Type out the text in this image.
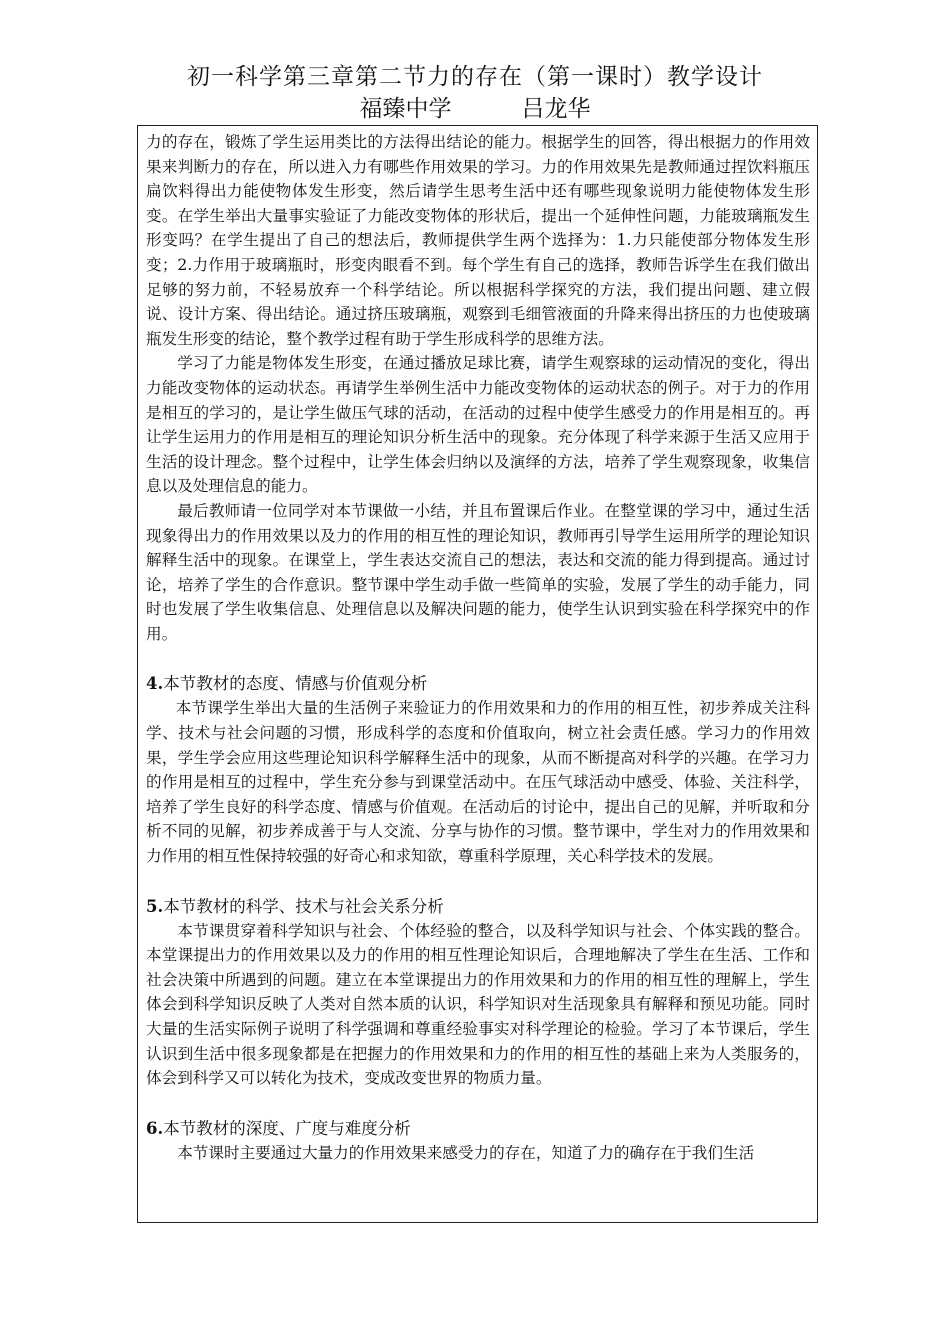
初一科学第三章第二节力的存在（第一课时）教学设计
福臻中学	吕龙华

力的存在，锻炼了学生运用类比的方法得出结论的能力。根据学生的回答，得出根据力的作用效果来判断力的存在，所以进入力有哪些作用效果的学习。力的作用效果先是教师通过捏饮料瓶压扁饮料得出力能使物体发生形变，然后请学生思考生活中还有哪些现象说明力能使物体发生形变。在学生举出大量事实验证了力能改变物体的形状后，提出一个延伸性问题，力能玻璃瓶发生形变吗？在学生提出了自己的想法后，教师提供学生两个选择为：1.力只能使部分物体发生形变；2.力作用于玻璃瓶时，形变肉眼看不到。每个学生有自己的选择，教师告诉学生在我们做出足够的努力前，不轻易放弃一个科学结论。所以根据科学探究的方法，我们提出问题、建立假说、设计方案、得出结论。通过挤压玻璃瓶，观察到毛细管液面的升降来得出挤压的力也使玻璃瓶发生形变的结论，整个教学过程有助于学生形成科学的思维方法。

学习了力能是物体发生形变，在通过播放足球比赛，请学生观察球的运动情况的变化，得出力能改变物体的运动状态。再请学生举例生活中力能改变物体的运动状态的例子。对于力的作用是相互的学习的，是让学生做压气球的活动，在活动的过程中使学生感受力的作用是相互的。再让学生运用力的作用是相互的理论知识分析生活中的现象。充分体现了科学来源于生活又应用于生活的设计理念。整个过程中，让学生体会归纳以及演绎的方法，培养了学生观察现象，收集信息以及处理信息的能力。

最后教师请一位同学对本节课做一小结，并且布置课后作业。在整堂课的学习中，通过生活现象得出力的作用效果以及力的作用的相互性的理论知识，教师再引导学生运用所学的理论知识解释生活中的现象。在课堂上，学生表达交流自己的想法，表达和交流的能力得到提高。通过讨论，培养了学生的合作意识。整节课中学生动手做一些简单的实验，发展了学生的动手能力，同时也发展了学生收集信息、处理信息以及解决问题的能力，使学生认识到实验在科学探究中的作用。

4.本节教材的态度、情感与价值观分析

本节课学生举出大量的生活例子来验证力的作用效果和力的作用的相互性，初步养成关注科学、技术与社会问题的习惯，形成科学的态度和价值取向，树立社会责任感。学习力的作用效果，学生学会应用这些理论知识科学解释生活中的现象，从而不断提高对科学的兴趣。在学习力的作用是相互的过程中，学生充分参与到课堂活动中。在压气球活动中感受、体验、关注科学，培养了学生良好的科学态度、情感与价值观。在活动后的讨论中，提出自己的见解，并听取和分析不同的见解，初步养成善于与人交流、分享与协作的习惯。整节课中，学生对力的作用效果和力作用的相互性保持较强的好奇心和求知欲，尊重科学原理，关心科学技术的发展。

5.本节教材的科学、技术与社会关系分析

本节课贯穿着科学知识与社会、个体经验的整合，以及科学知识与社会、个体实践的整合。本堂课提出力的作用效果以及力的作用的相互性理论知识后，合理地解决了学生在生活、工作和社会决策中所遇到的问题。建立在本堂课提出力的作用效果和力的作用的相互性的理解上，学生体会到科学知识反映了人类对自然本质的认识，科学知识对生活现象具有解释和预见功能。同时大量的生活实际例子说明了科学强调和尊重经验事实对科学理论的检验。学习了本节课后，学生认识到生活中很多现象都是在把握力的作用效果和力的作用的相互性的基础上来为人类服务的，体会到科学又可以转化为技术，变成改变世界的物质力量。

6.本节教材的深度、广度与难度分析

本节课时主要通过大量力的作用效果来感受力的存在，知道了力的确存在于我们生活
